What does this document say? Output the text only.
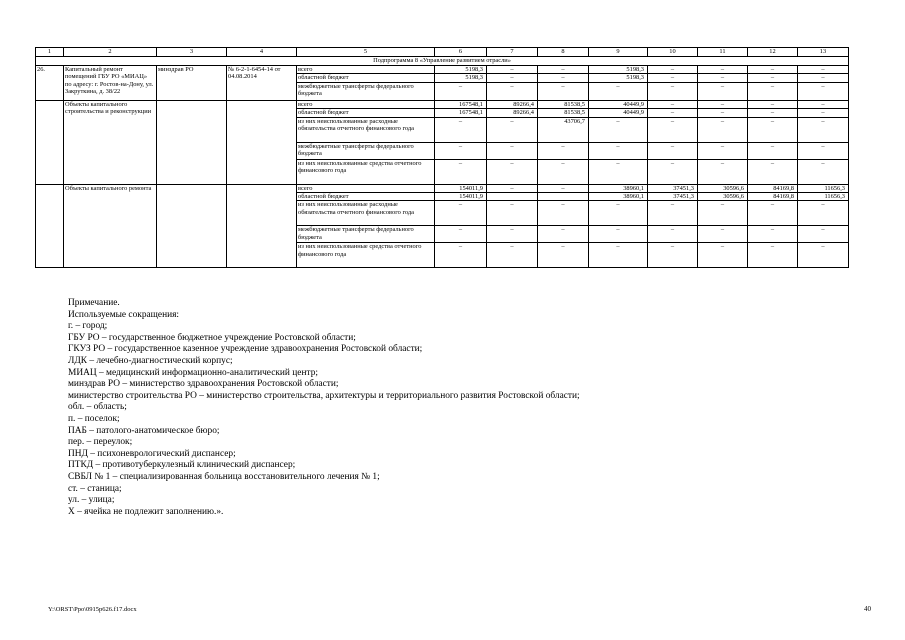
1	2	3	4	5	6	7	8	9	10	11	12	13
Подпрограмма 8 «Управление развитием отрасли»												
26.	Капитальный ремонт помещений ГБУ РО «МИАЦ» по адресу: г. Ростов-на-Дону, ул. Закруткина, д. 38/22	минздрав РО	№ 6-2-1-6454-14 от 04.08.2014	всего	5198,3	–	–	5198,3	–	–	–	–
				областной бюджет	5198,3	–	–	5198,3	–	–	–	–
				межбюджетные трансферты федерального бюджета	–	–	–	–	–	–	–	–
	Объекты капитального строительства и реконструкции			всего	167548,1	89266,4	81538,5	40449,9	–	–	–	–
				областной бюджет	167548,1	89266,4	81538,5	40449,9	–	–	–	–
				из них неиспользованные расходные обязательства отчетного финансового года	–	–	43706,7	–	–	–	–	–
				межбюджетные трансферты федерального бюджета	–	–	–	–	–	–	–	–
				из них неиспользованные средства отчетного финансового года	–	–	–	–	–	–	–	–
	Объекты капитального ремонта			всего	154011,9	–	–	38960,1	37451,3	30596,6	84169,8	11656,3
				областной бюджет	154011,9			38960,1	37451,3	30596,6	84169,8	11656,3
				из них неиспользованные расходные обязательства отчетного финансового года	–	–	–	–	–	–	–	–
				межбюджетные трансферты федерального бюджета	–	–	–	–	–	–	–	–
				из них неиспользованные средства отчетного финансового года	–	–	–	–	–	–	–	–
Примечание.
Используемые сокращения:
г. – город;
ГБУ РО – государственное бюджетное учреждение Ростовской области;
ГКУЗ РО – государственное казенное учреждение здравоохранения Ростовской области;
ЛДК – лечебно-диагностический корпус;
МИАЦ – медицинский информационно-аналитический центр;
минздрав РО – министерство здравоохранения Ростовской области;
министерство строительства РО – министерство строительства, архитектуры и территориального развития Ростовской области;
обл. – область;
п. – поселок;
ПАБ – патолого-анатомическое бюро;
пер. – переулок;
ПНД – психоневрологический диспансер;
ПТКД – противотуберкулезный клинический диспансер;
СВБЛ № 1 – специализированная больница восстановительного лечения № 1;
ст. – станица;
ул. – улица;
Х – ячейка не подлежит заполнению.».
Y:\ORST\Ppo\0915p626.f17.docx	40
